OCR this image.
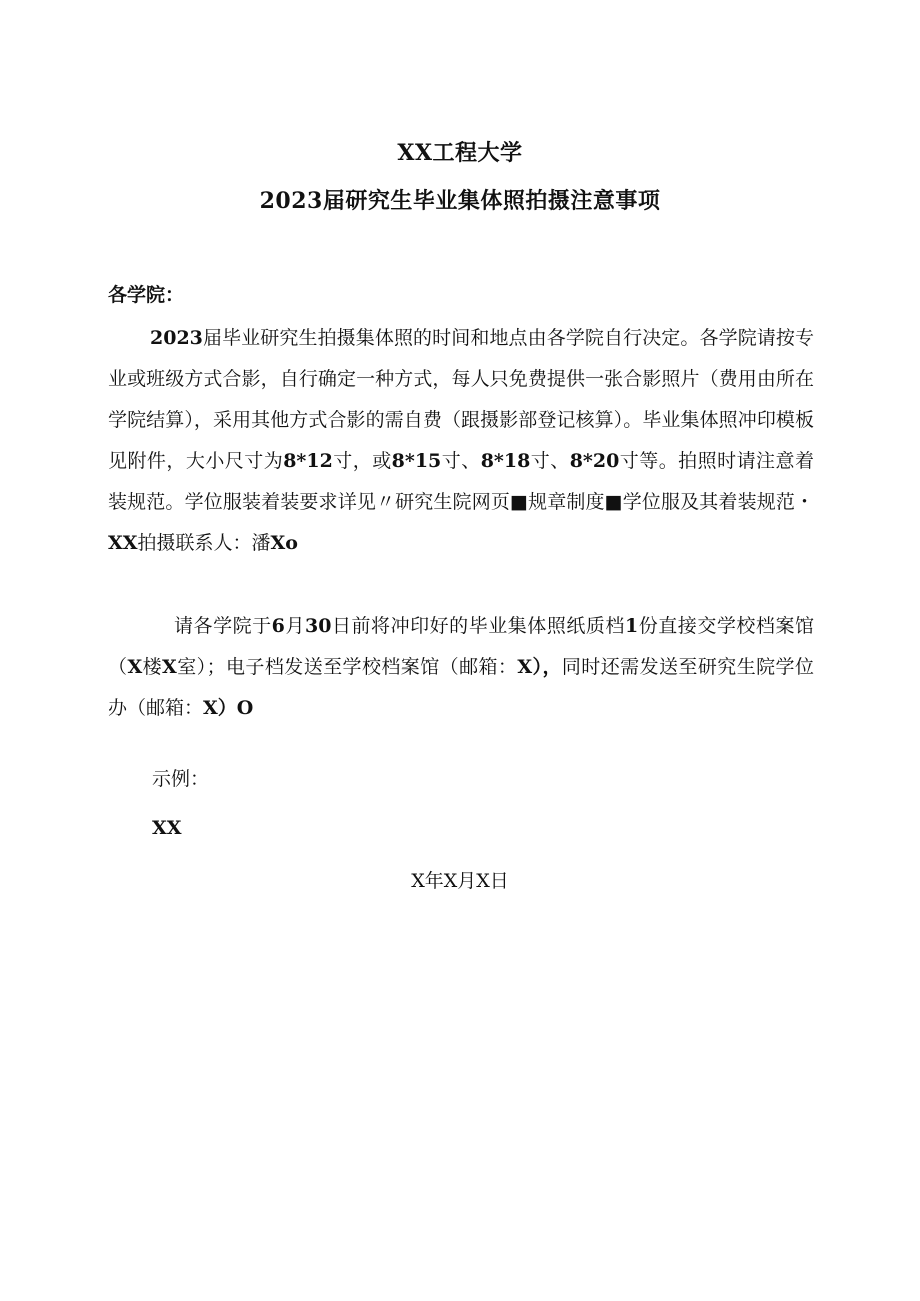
XX工程大学
2023届研究生毕业集体照拍摄注意事项
各学院：

2023届毕业研究生拍摄集体照的时间和地点由各学院自行决定。各学院请按专业或班级方式合影，自行确定一种方式，每人只免费提供一张合影照片（费用由所在学院结算），采用其他方式合影的需自费（跟摄影部登记核算）。毕业集体照冲印模板见附件，大小尺寸为8*12寸，或8*15寸、8*18寸、8*20寸等。拍照时请注意着装规范。学位服装着装要求详见〃研究生院网页■规章制度■学位服及其着装规范・XX拍摄联系人：潘Xo

请各学院于6月30日前将冲印好的毕业集体照纸质档1份直接交学校档案馆（X楼X室）；电子档发送至学校档案馆（邮箱：X），同时还需发送至研究生院学位办（邮箱：X）O

示例：
XX
X年X月X日
